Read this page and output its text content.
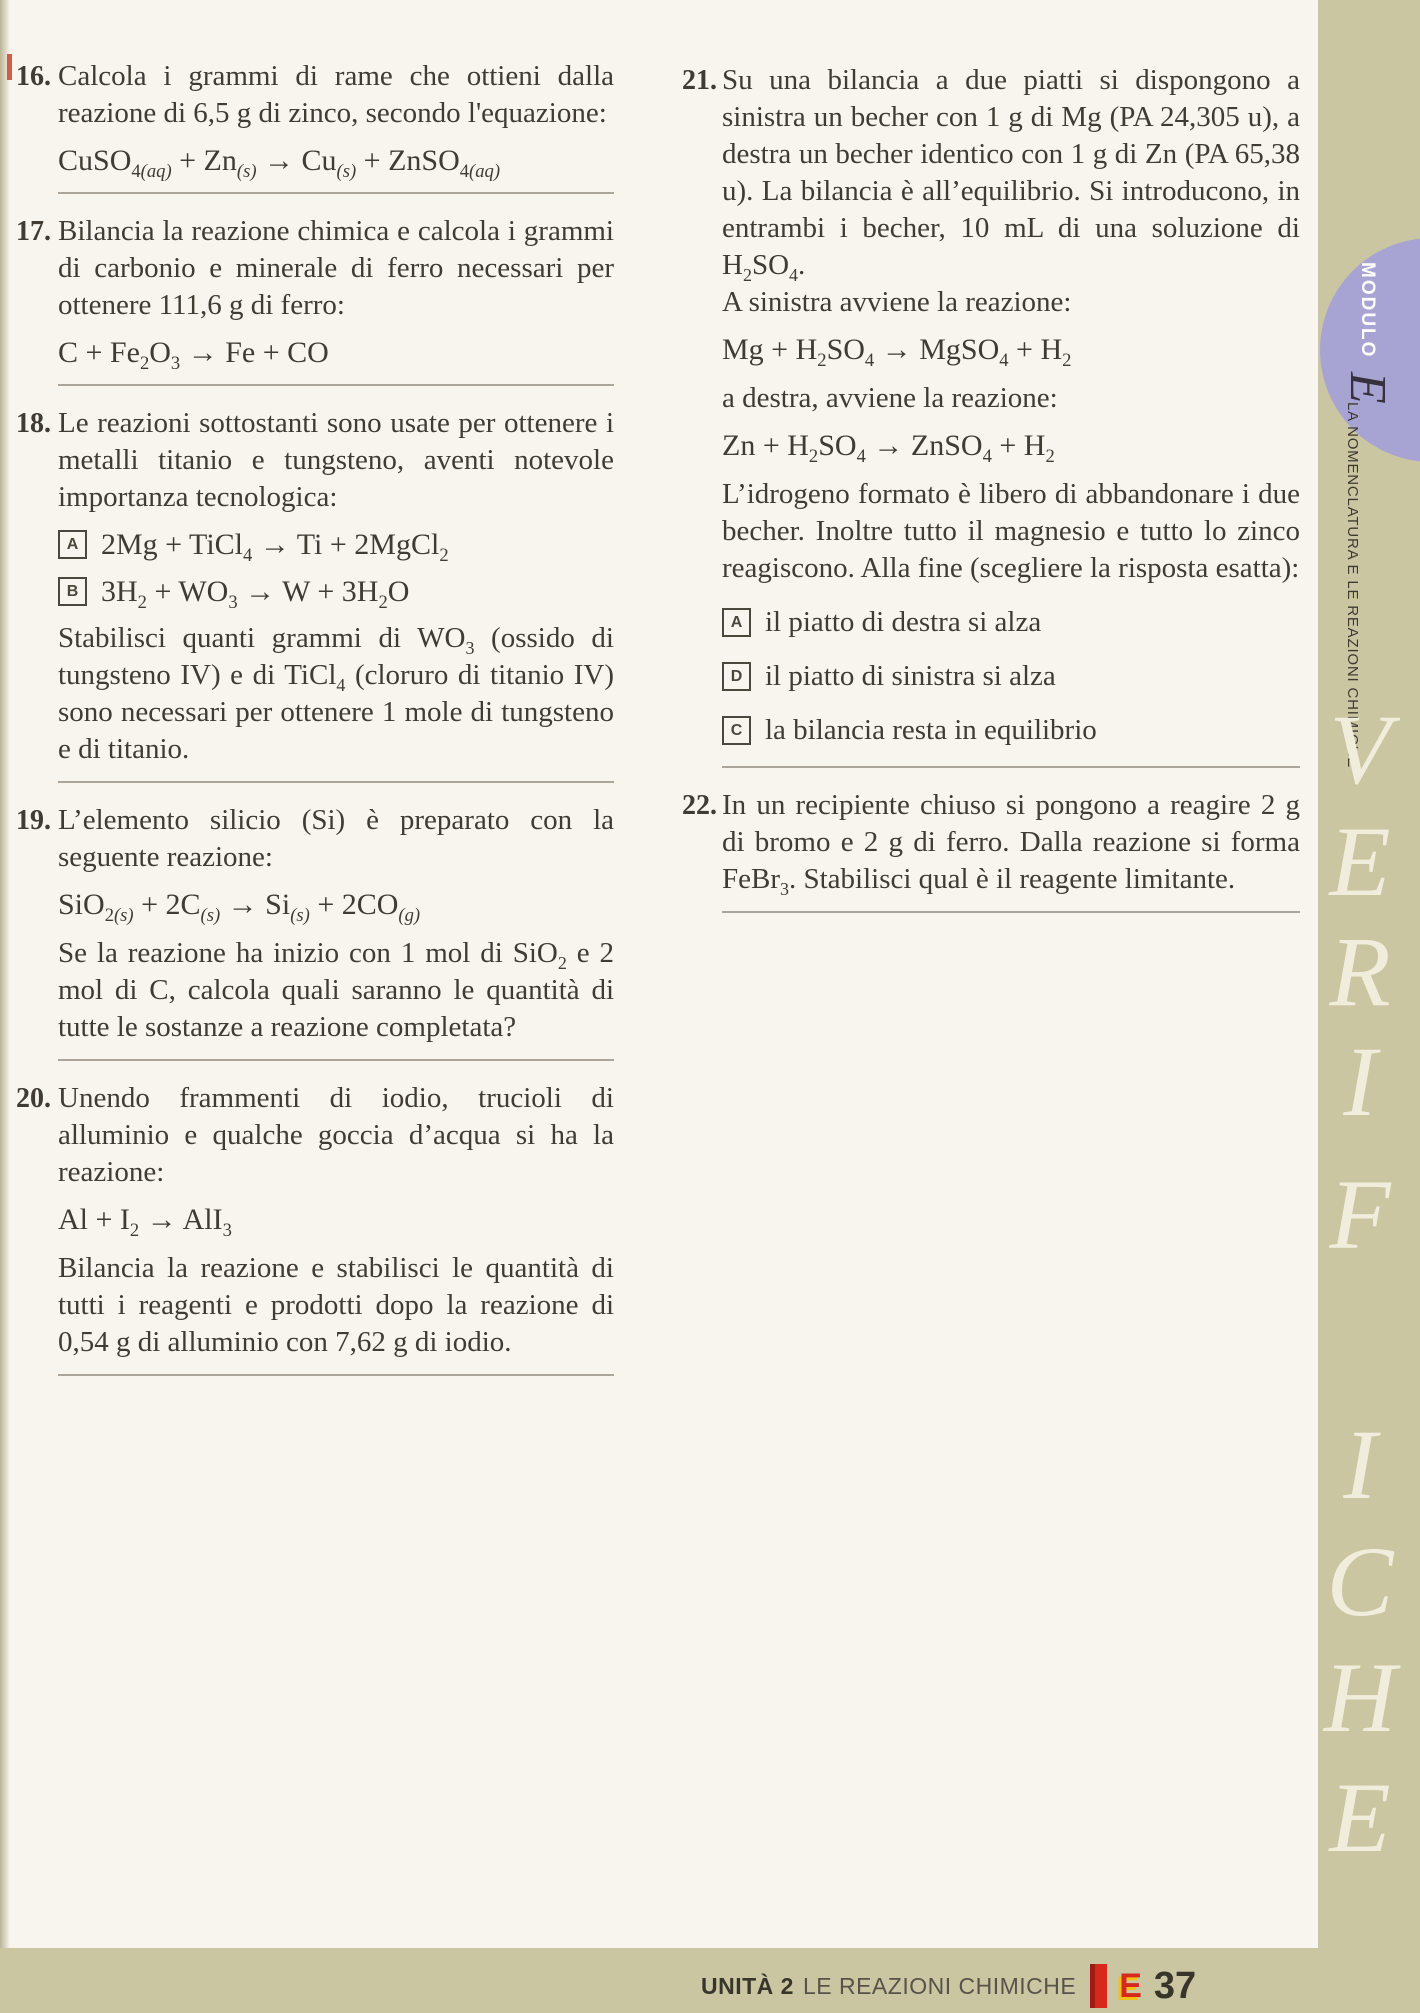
16. Calcola i grammi di rame che ottieni dalla reazione di 6,5 g di zinco, secondo l'equazione:

CuSO$_{4(aq)}$ + $Zn_{(s)} \to Cu_{(s)}$ + ZnSO$_{4(aq)}$
17. Bilancia la reazione chimica e calcola i grammi di carbonio e minerale di ferro necessari per ottenere 111,6 g di ferro:

$C + Fe_2O_3 \to Fe$ + CO
18. Le reazioni sottostanti sono usate per ottenere i metalli titanio e tungsteno, aventi notevole importanza tecnologica:

A 2Mg + TiCl$_4$ → Ti + 2MgCl$_2$
B $3H_2 + WO_3 \to W + 3H_2O$

Stabilisci quanti grammi di $WO_3$ (ossido di tungsteno IV) e di TiCl$_4$ (cloruro di titanio IV) sono necessari per ottenere 1 mole di tungsteno e di titanio.

19. L’elemento silicio (Si) è preparato con la seguente reazione:

$SiO_{2(s)} + 2C_{(s)} \to Si_{(s)} + 2CO_{(g)}$

Se la reazione ha inizio con 1 mol di SiO$_2$ e 2 mol di C, calcola quali saranno le quantità di tutte le sostanze a reazione completata?

20. Unendo frammenti di iodio, trucioli di alluminio e qualche goccia d’acqua si ha la reazione:

$Al + I_2 \to AlI_3$

Bilancia la reazione e stabilisci le quantità di tutti i reagenti e prodotti dopo la reazione di 0,54 g di alluminio con 7,62 g di iodio.

21. Su una bilancia a due piatti si dispongono a sinistra un becher con 1 g di Mg (PA 24,305 u), a destra un becher identico con 1 g di Zn (PA 65,38 u). La bilancia è all’equilibrio. Si introducono, in entrambi i becher, 10 mL di una soluzione di $H_2SO_4$.

A sinistra avviene la reazione:

$Mg + H_2SO_4$ → MgSO$_4$ + $H_2$

a destra, avviene la reazione:

$Zn + H_2SO_4$ → ZnSO$_4$ + $H_2$

L’idrogeno formato è libero di abbandonare i due becher. Inoltre tutto il magnesio e tutto lo zinco reagiscono. Alla fine (scegliere la risposta esatta):

A il piatto di destra si alza
D il piatto di sinistra si alza
C la bilancia resta in equilibrio
22. In un recipiente chiuso si pongono a reagire 2 g di bromo e 2 g di ferro. Dalla reazione si forma FeBr$_3$. Stabilisci qual è il reagente limitante.

MODULO E
LA NOMENCLATURA E LE REAZIONI CHIMICHE
V
E
R
I
F
I
C
H
E
UNITÀ 2 LE REAZIONI CHIMICHE E 37
